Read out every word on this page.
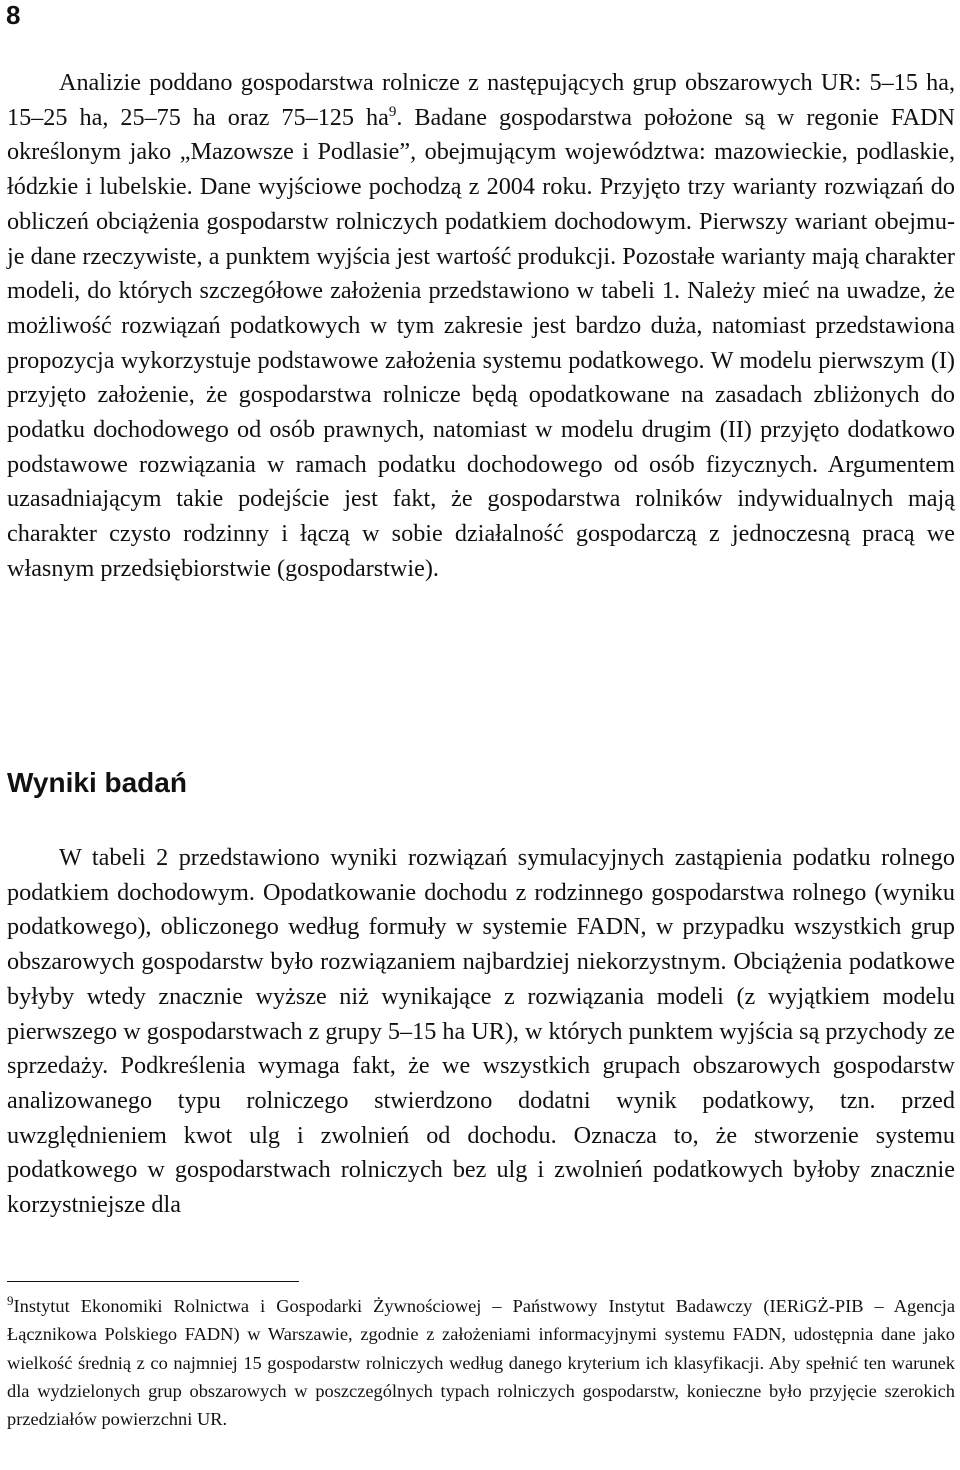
8

Analizie poddano gospodarstwa rolnicze z następujących grup obszarowych UR: 5–15 ha, 15–25 ha, 25–75 ha oraz 75–125 ha$^9$. Badane gospodarstwa położone są w regonie FADN określonym jako „Mazowsze i Podlasie”, obejmującym województwa: mazowieckie, podlaskie, łódzkie i lubelskie. Dane wyjściowe pochodzą z 2004 roku. Przyjęto trzy warianty rozwiązań do obliczeń obciążenia gospodarstw rolniczych podatkiem dochodowym. Pierwszy wariant obejmuje dane rzeczywiste, a punktem wyjścia jest wartość produkcji. Pozostałe warianty mają charakter modeli, do których szczegółowe założenia przedstawiono w tabeli 1. Należy mieć na uwadze, że możliwość rozwiązań podatkowych w tym zakresie jest bardzo duża, natomiast przedstawiona propozycja wykorzystuje podstawowe założenia systemu podatkowego. W modelu pierwszym (I) przyjęto założenie, że gospodarstwa rolnicze będą opodatkowane na zasadach zbliżonych do podatku dochodowego od osób prawnych, natomiast w modelu drugim (II) przyjęto dodatkowo podstawowe rozwiązania w ramach podatku dochodowego od osób fizycznych. Argumentem uzasadniającym takie podejście jest fakt, że gospodarstwa rolników indywidualnych mają charakter czysto rodzinny i łączą w sobie działalność gospodarczą z jednoczesną pracą we własnym przedsiębiorstwie (gospodarstwie).

Wyniki badań

W tabeli 2 przedstawiono wyniki rozwiązań symulacyjnych zastąpienia podatku rolnego podatkiem dochodowym. Opodatkowanie dochodu z rodzinnego gospodarstwa rolnego (wyniku podatkowego), obliczonego według formuły w systemie FADN, w przypadku wszystkich grup obszarowych gospodarstw było rozwiązaniem najbardziej niekorzystnym. Obciążenia podatkowe byłyby wtedy znacznie wyższe niż wynikające z rozwiązania modeli (z wyjątkiem modelu pierwszego w gospodarstwach z grupy 5–15 ha UR), w których punktem wyjścia są przychody ze sprzedaży. Podkreślenia wymaga fakt, że we wszystkich grupach obszarowych gospodarstw analizowanego typu rolniczego stwierdzono dodatni wynik podatkowy, tzn. przed uwzględnieniem kwot ulg i zwolnień od dochodu. Oznacza to, że stworzenie systemu podatkowego w gospodarstwach rolniczych bez ulg i zwolnień podatkowych byłoby znacznie korzystniejsze dla

$^9$Instytut Ekonomiki Rolnictwa i Gospodarki Żywnościowej – Państwowy Instytut Badawczy (IERiGŻ-PIB – Agencja Łącznikowa Polskiego FADN) w Warszawie, zgodnie z założeniami informacyjnymi systemu FADN, udostępnia dane jako wielkość średnią z co najmniej 15 gospodarstw rolniczych według danego kryterium ich klasyfikacji. Aby spełnić ten warunek dla wydzielonych grup obszarowych w poszczególnych typach rolniczych gospodarstw, konieczne było przyjęcie szerokich przedziałów powierzchni UR.
